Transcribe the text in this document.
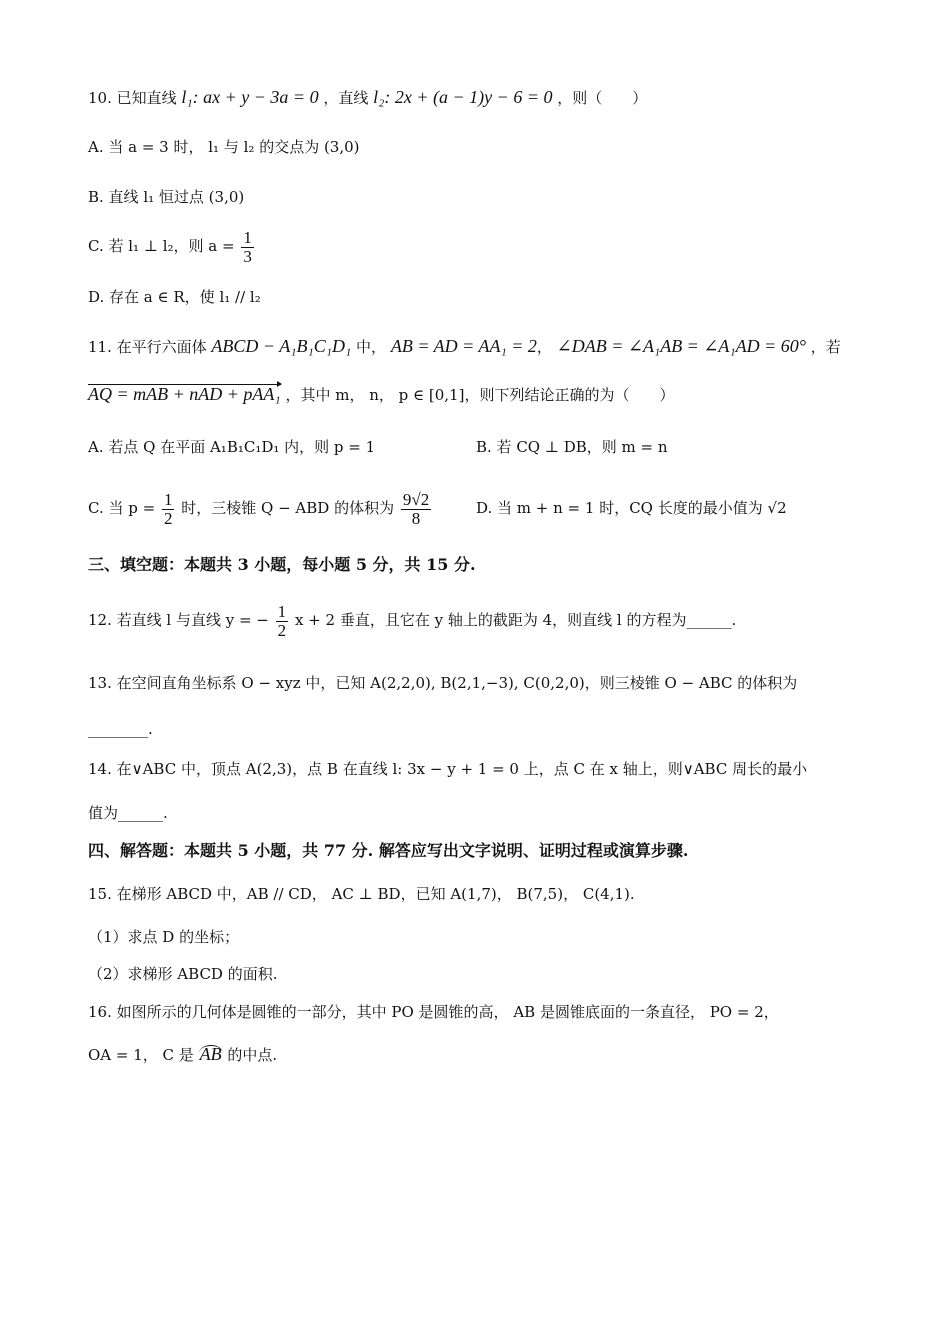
10. 已知直线 l₁: ax + y − 3a = 0 ，直线 l₂: 2x + (a − 1)y − 6 = 0 ，则（　　）
A. 当 a = 3 时， l₁ 与 l₂ 的交点为 (3,0)
B. 直线 l₁ 恒过点 (3,0)
C. 若 l₁ ⊥ l₂，则 $a = \frac{1}{3}$
D. 存在 a ∈ R，使 l₁ // l₂
11. 在平行六面体 ABCD − A₁B₁C₁D₁ 中， AB = AD = AA₁ = 2， ∠DAB = ∠A₁AB = ∠A₁AD = 60° ，若
AQ = mAB + nAD + pAA₁ ，其中 m， n， p ∈ [0,1]，则下列结论正确的为（　　）
A. 若点 Q 在平面 A₁B₁C₁D₁ 内，则 p = 1	B. 若 CQ ⊥ DB，则 m = n
C. 当 $p = \frac{1}{2}$ 时，三棱锥 Q − ABD 的体积为 $\frac{9√2}{8}$	D. 当 m + n = 1 时，CQ 长度的最小值为 √2
三、填空题：本题共 3 小题，每小题 5 分，共 15 分.
12. 若直线 l 与直线 y = − $\frac{1}{2}$ x + 2 垂直，且它在 y 轴上的截距为 4，则直线 l 的方程为______.
13. 在空间直角坐标系 O − xyz 中，已知 A(2,2,0), B(2,1,−3), C(0,2,0)，则三棱锥 O − ABC 的体积为
________.
14. 在∨ABC 中，顶点 A(2,3)，点 B 在直线 l: 3x − y + 1 = 0 上，点 C 在 x 轴上，则∨ABC 周长的最小
值为______.
四、解答题：本题共 5 小题，共 77 分. 解答应写出文字说明、证明过程或演算步骤.
15. 在梯形 ABCD 中，AB // CD， AC ⊥ BD，已知 A(1,7)， B(7,5)， C(4,1).
（1）求点 D 的坐标；
（2）求梯形 ABCD 的面积.
16. 如图所示的几何体是圆锥的一部分，其中 PO 是圆锥的高， AB 是圆锥底面的一条直径， PO = 2，
OA = 1， C 是 AB 的中点.
